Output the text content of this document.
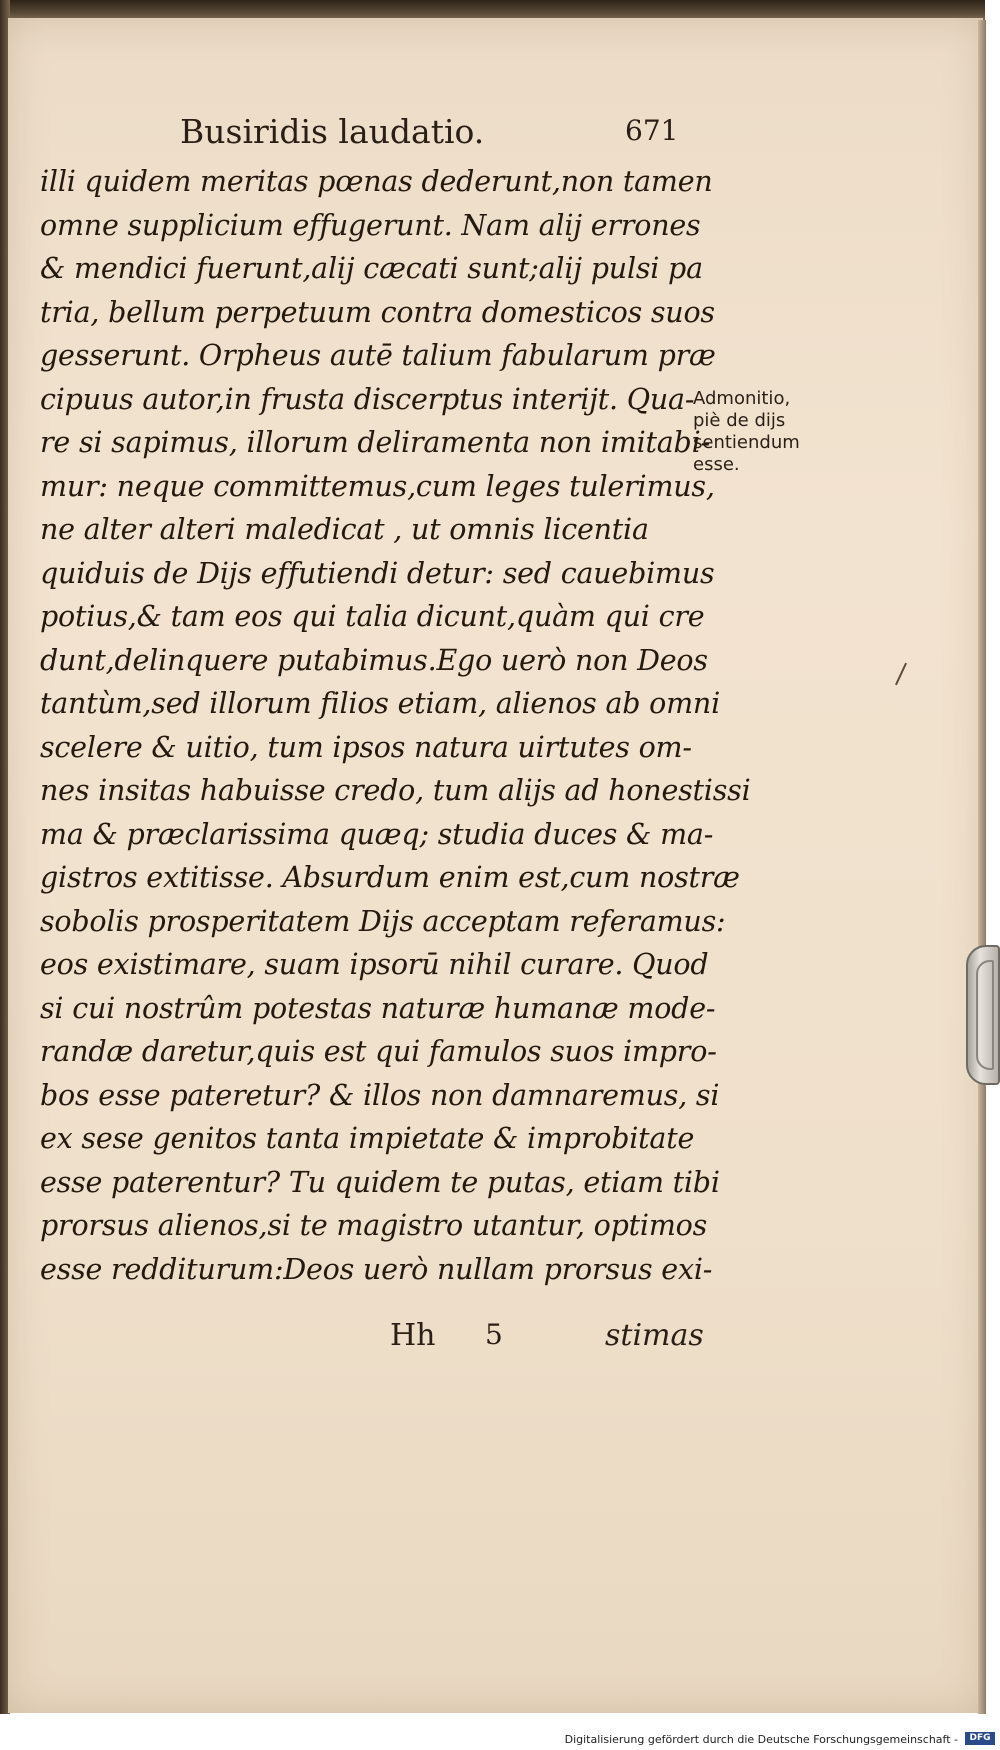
Busiridis laudatio.	671
illi quidem meritas pœnas dederunt,non tamen
omne supplicium effugerunt. Nam alij errones
& mendici fuerunt,alij cæcati sunt;alij pulsi pa
tria, bellum perpetuum contra domesticos suos
gesserunt. Orpheus autē talium fabularum præ
cipuus autor,in frusta discerptus interijt. Qua-
re si sapimus, illorum deliramenta non imitabi-
mur: neque committemus,cum leges tulerimus,
ne alter alteri maledicat , ut omnis licentia
quiduis de Dijs effutiendi detur: sed cauebimus
potius,& tam eos qui talia dicunt,quàm qui cre
dunt,delinquere putabimus.Ego uerò non Deos
tantùm,sed illorum filios etiam, alienos ab omni
scelere & uitio, tum ipsos natura uirtutes om-
nes insitas habuisse credo, tum alijs ad honestissi
ma & præclarissima quæq; studia duces & ma-
gistros extitisse. Absurdum enim est,cum nostræ
sobolis prosperitatem Dijs acceptam referamus:
eos existimare, suam ipsorū nihil curare. Quod
si cui nostrûm potestas naturæ humanæ mode-
randæ daretur,quis est qui famulos suos impro-
bos esse pateretur? & illos non damnaremus, si
ex sese genitos tanta impietate & improbitate
esse paterentur? Tu quidem te putas, etiam tibi
prorsus alienos,si te magistro utantur, optimos
esse redditurum:Deos uerò nullam prorsus exi-
Admonitio,
piè de dijs
sentiendum
esse.
Hh 5	stimas
Digitalisierung gefördert durch die Deutsche Forschungsgemeinschaft -	DFG
